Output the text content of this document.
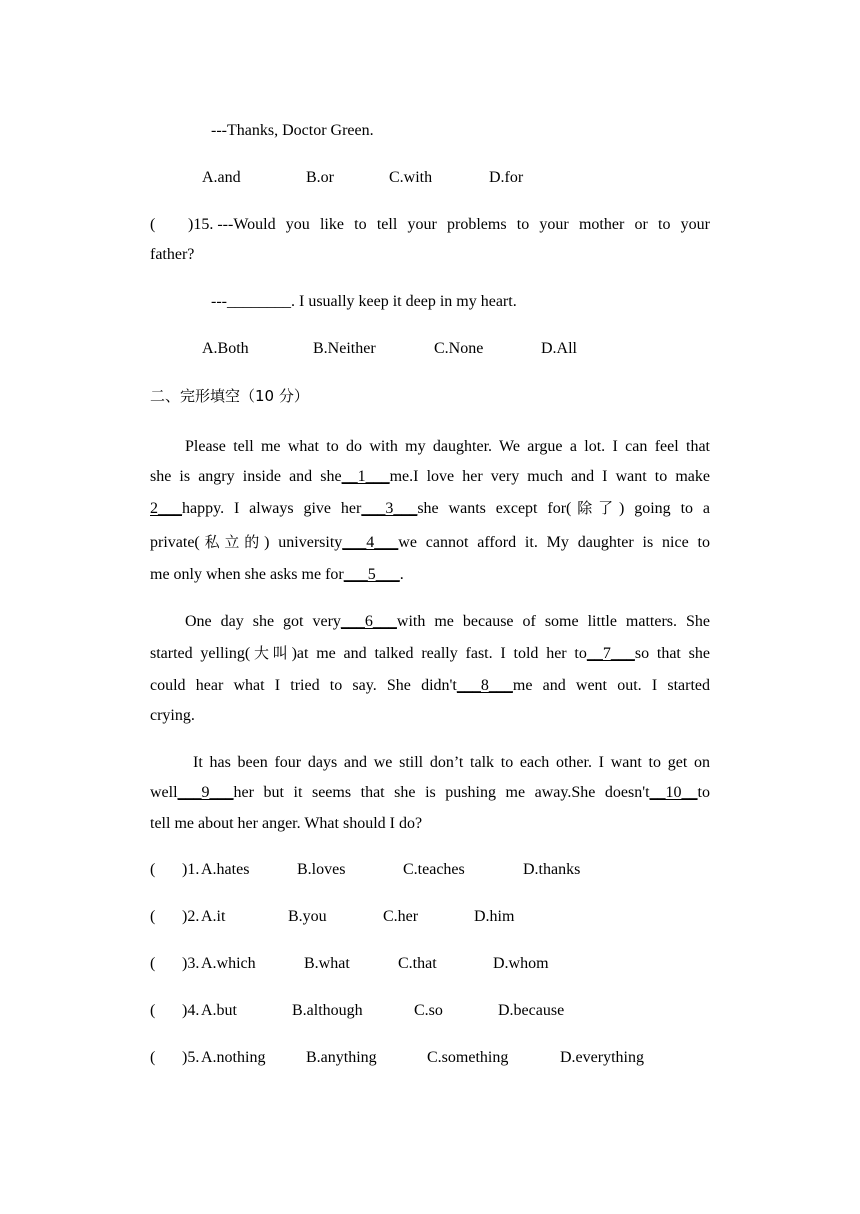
---Thanks, Doctor Green.
A.and	B.or	C.with	D.for
( )15. ---Would you like to tell your problems to your mother or to your
father?
---________. I usually keep it deep in my heart.
A.Both	B.Neither	C.None	D.All
二、完形填空（10 分）
Please tell me what to do with my daughter. We argue a lot. I can feel that
she is angry inside and she__1___me.I love her very much and I want to make
2___happy. I always give her___3___she wants except for(除了) going to a
private(私立的) university___4___we cannot afford it. My daughter is nice to
me only when she asks me for___5___.
One day she got very___6___with me because of some little matters. She
started yelling(大叫)at me and talked really fast. I told her to__7___so that she
could hear what I tried to say. She didn't___8___me and went out. I started
crying.
It has been four days and we still don’t talk to each other. I want to get on
well___9___her but it seems that she is pushing me away.She doesn't__10__to
tell me about her anger. What should I do?
( )1. A.hates	B.loves	C.teaches	D.thanks
( )2. A.it	B.you	C.her	D.him
( )3. A.which	B.what	C.that	D.whom
( )4. A.but	B.although	C.so	D.because
( )5. A.nothing	B.anything	C.something	D.everything
